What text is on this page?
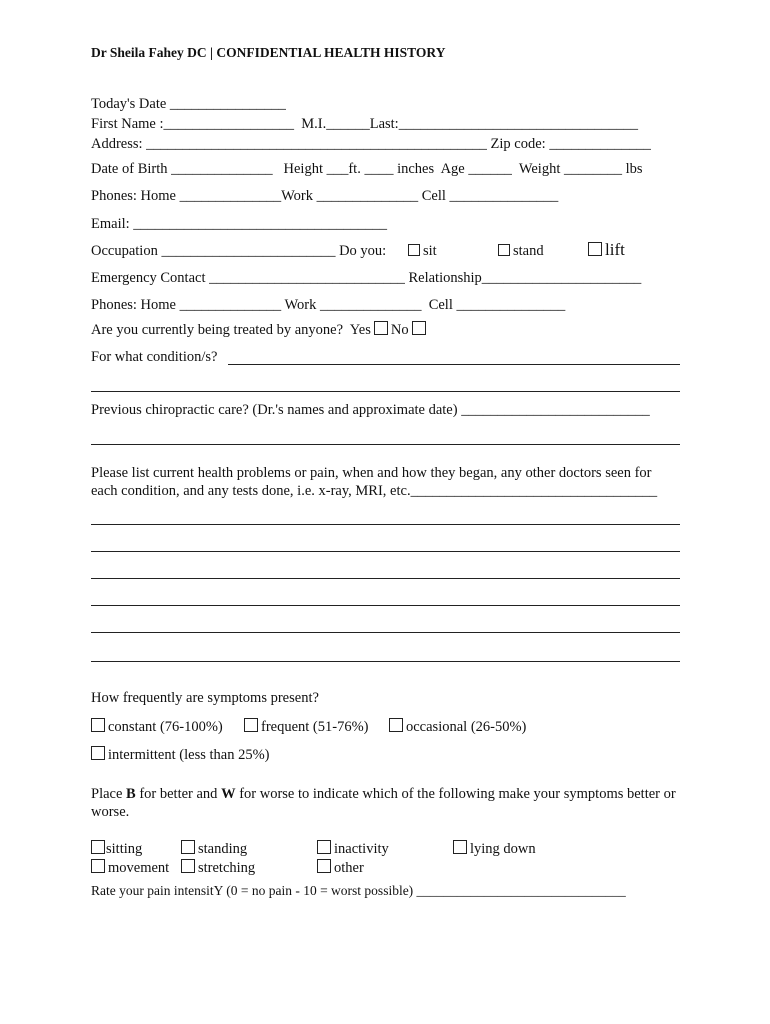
Dr Sheila Fahey DC | CONFIDENTIAL HEALTH HISTORY
Today's Date ________________
First Name :__________________  M.I.______Last:_________________________________
Address: _______________________________________________ Zip code: ______________
Date of Birth ______________   Height ___ft. ____ inches  Age ______  Weight ________ lbs
Phones: Home ______________Work ______________ Cell _______________
Email: ___________________________________
Occupation ________________________ Do you:	sit	stand	lift
Emergency Contact ___________________________ Relationship______________________
Phones: Home ______________ Work ______________  Cell _______________
Are you currently being treated by anyone?  Yes No
For what condition/s?
Previous chiropractic care? (Dr.'s names and approximate date) __________________________
Please list current health problems or pain, when and how they began, any other doctors seen for
each condition, and any tests done, i.e. x-ray, MRI, etc.__________________________________
How frequently are symptoms present?
constant (76-100%)	frequent (51-76%)	occasional (26-50%)
intermittent (less than 25%)
Place B for better and W for worse to indicate which of the following make your symptoms better or worse.
sitting	standing	inactivity	lying down
movement	stretching	other
Rate your pain intensitY (0 = no pain - 10 = worst possible) _______________________________
